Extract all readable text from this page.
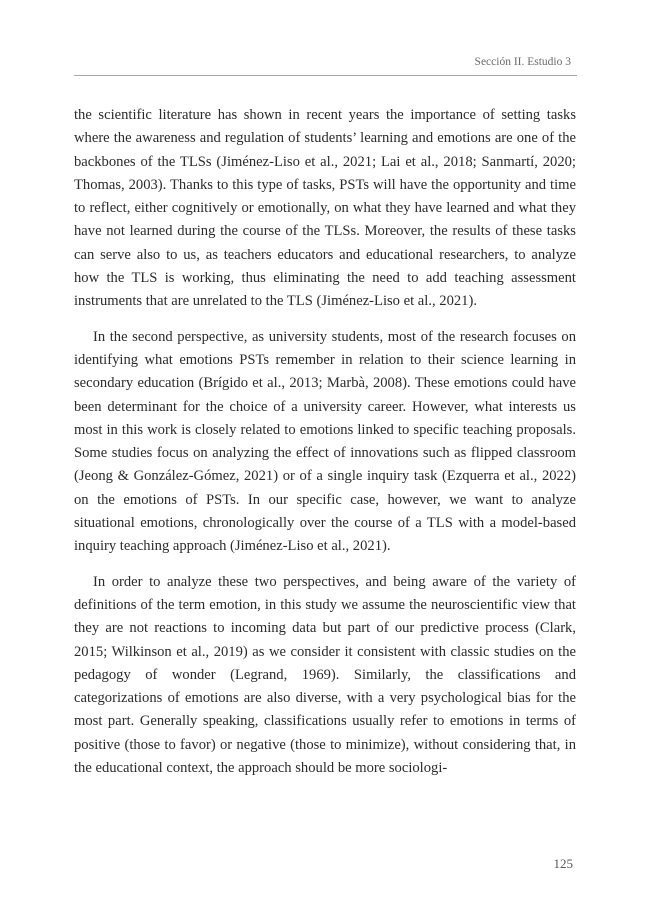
Sección II. Estudio 3

the scientific literature has shown in recent years the importance of setting tasks where the awareness and regulation of students’ learning and emotions are one of the backbones of the TLSs (Jiménez-Liso et al., 2021; Lai et al., 2018; Sanmartí, 2020; Thomas, 2003). Thanks to this type of tasks, PSTs will have the opportunity and time to reflect, either cognitively or emotionally, on what they have learned and what they have not learned during the course of the TLSs. Moreover, the results of these tasks can serve also to us, as teachers educators and educational researchers, to analyze how the TLS is working, thus eliminating the need to add teaching assessment instruments that are unrelated to the TLS (Jiménez-Liso et al., 2021).

In the second perspective, as university students, most of the research focuses on identifying what emotions PSTs remember in relation to their science learning in secondary education (Brígido et al., 2013; Marbà, 2008). These emotions could have been determinant for the choice of a university career. However, what interests us most in this work is closely related to emotions linked to specific teaching proposals. Some studies focus on analyzing the effect of innovations such as flipped classroom (Jeong & González-Gómez, 2021) or of a single inquiry task (Ezquerra et al., 2022) on the emotions of PSTs. In our specific case, however, we want to analyze situational emotions, chronologically over the course of a TLS with a model-based inquiry teaching approach (Jiménez-Liso et al., 2021).

In order to analyze these two perspectives, and being aware of the variety of definitions of the term emotion, in this study we assume the neuroscientific view that they are not reactions to incoming data but part of our predictive process (Clark, 2015; Wilkinson et al., 2019) as we consider it consistent with classic studies on the pedagogy of wonder (Legrand, 1969). Similarly, the classifications and categorizations of emotions are also diverse, with a very psychological bias for the most part. Generally speaking, classifications usually refer to emotions in terms of positive (those to favor) or negative (those to minimize), without considering that, in the educational context, the approach should be more sociologi-

125
